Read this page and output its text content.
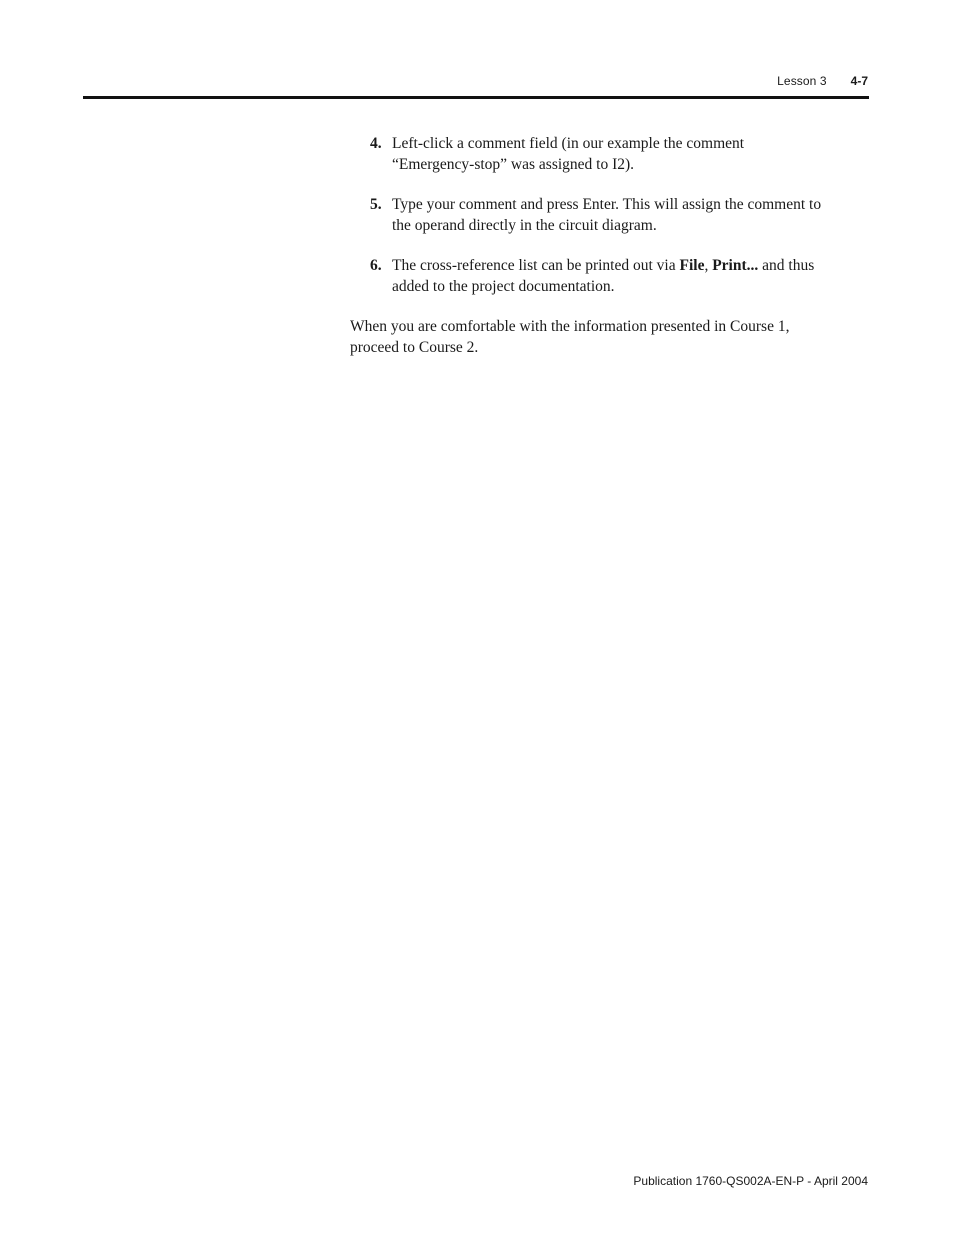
Lesson 3 4-7
4. Left-click a comment field (in our example the comment “Emergency-stop” was assigned to I2).
5. Type your comment and press Enter. This will assign the comment to the operand directly in the circuit diagram.
6. The cross-reference list can be printed out via File, Print... and thus added to the project documentation.

When you are comfortable with the information presented in Course 1, proceed to Course 2.

Publication 1760-QS002A-EN-P - April 2004
